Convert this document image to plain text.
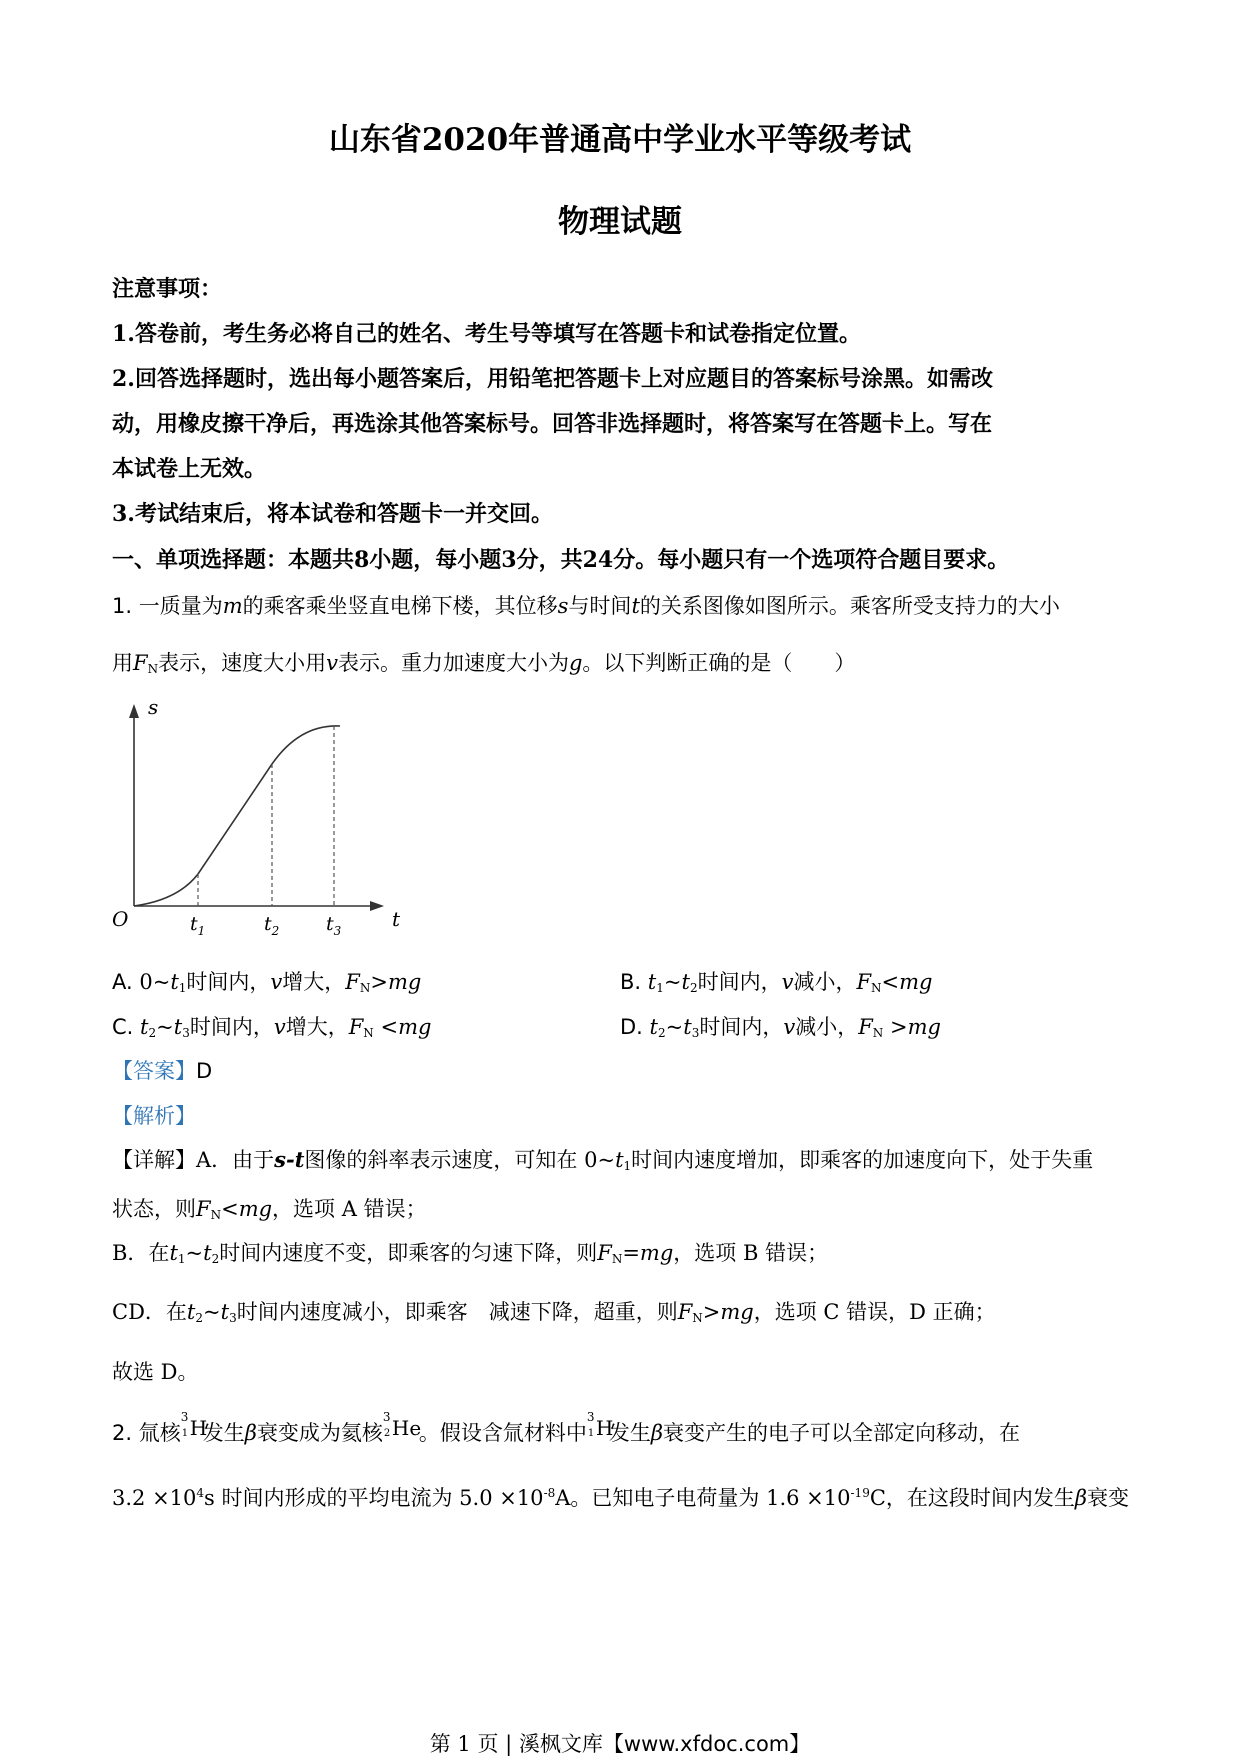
山东省2020年普通高中学业水平等级考试
物理试题
注意事项：
1.答卷前，考生务必将自己的姓名、考生号等填写在答题卡和试卷指定位置。
2.回答选择题时，选出每小题答案后，用铅笔把答题卡上对应题目的答案标号涂黑。如需改
动，用橡皮擦干净后，再选涂其他答案标号。回答非选择题时，将答案写在答题卡上。写在
本试卷上无效。
3.考试结束后，将本试卷和答题卡一并交回。
一、单项选择题：本题共8小题，每小题3分，共24分。每小题只有一个选项符合题目要求。
1. 一质量为m的乘客乘坐竖直电梯下楼，其位移s与时间t的关系图像如图所示。乘客所受支持力的大小
用$F_N$表示，速度大小用v表示。重力加速度大小为g。以下判断正确的是（　　）
s
t
O	$t_1$	$t_2$ $t_3$
A. $0\sim t_1$时间内，v增大，$F_N>mg$	B. $t_1\sim t_2$时间内，v减小，$F_N<mg$
C. $t_2\sim t_3$时间内，v增大，$F_N <mg$	D. $t_2\sim t_3$时间内，v减小，$F_N >mg$
【答案】D
【解析】
【详解】A．由于s-t图像的斜率表示速度，可知在 $0\sim t_1$时间内速度增加，即乘客的加速度向下，处于失重
状态，则$F_N<mg$，选项 A 错误；
B．在$t_1\sim t_2$时间内速度不变，即乘客的匀速下降，则$F_N=mg$，选项 B 错误；
CD．在$t_2\sim t_3$时间内速度减小，即乘客　减速下降，超重，则$F_N>mg$，选项 C 错误，D 正确；
故选 D。
2. 氚核
3
1 H
发生β衰变成为氦核
3
2 He
。假设含氚材料中
3
1 H
发生β衰变产生的电子可以全部定向移动，在
$3.2 \times 10^4s$ 时间内形成的平均电流为 $5.0 \times 10^{-8}A$。已知电子电荷量为 $1.6 \times 10^{-19}C$，在这段时间内发生β衰变
第 1 页 | 溪枫文库【www.xfdoc.com】
